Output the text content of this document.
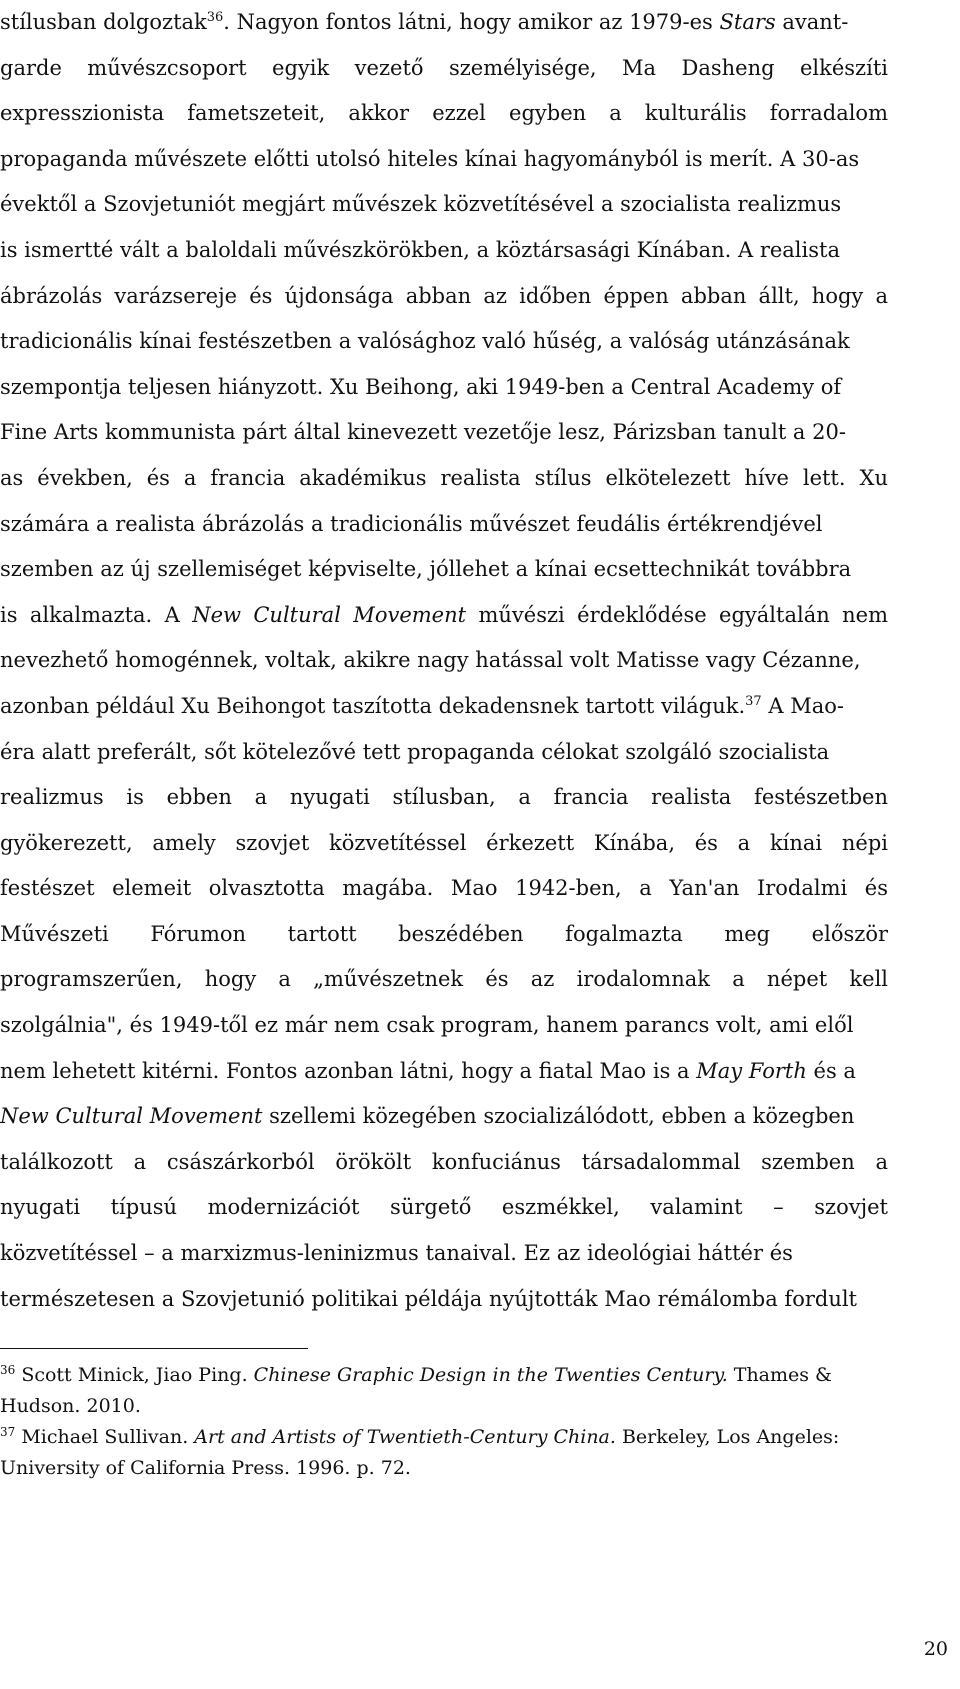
stílusban dolgoztak$^{36}$. Nagyon fontos látni, hogy amikor az 1979-es Stars avant-
garde művészcsoport egyik vezető személyisége, Ma Dasheng elkészíti
expresszionista fametszeteit, akkor ezzel egyben a kulturális forradalom
propaganda művészete előtti utolsó hiteles kínai hagyományból is merít. A 30-as
évektől a Szovjetuniót megjárt művészek közvetítésével a szocialista realizmus
is ismertté vált a baloldali művészkörökben, a köztársasági Kínában. A realista
ábrázolás varázsereje és újdonsága abban az időben éppen abban állt, hogy a
tradicionális kínai festészetben a valósághoz való hűség, a valóság utánzásának
szempontja teljesen hiányzott. Xu Beihong, aki 1949-ben a Central Academy of
Fine Arts kommunista párt által kinevezett vezetője lesz, Párizsban tanult a 20-
as években, és a francia akadémikus realista stílus elkötelezett híve lett. Xu
számára a realista ábrázolás a tradicionális művészet feudális értékrendjével
szemben az új szellemiséget képviselte, jóllehet a kínai ecsettechnikát továbbra
is alkalmazta. A New Cultural Movement művészi érdeklődése egyáltalán nem
nevezhető homogénnek, voltak, akikre nagy hatással volt Matisse vagy Cézanne,
azonban például Xu Beihongot taszította dekadensnek tartott világuk.$^{37}$ A Mao-
éra alatt preferált, sőt kötelezővé tett propaganda célokat szolgáló szocialista
realizmus is ebben a nyugati stílusban, a francia realista festészetben
gyökerezett, amely szovjet közvetítéssel érkezett Kínába, és a kínai népi
festészet elemeit olvasztotta magába. Mao 1942-ben, a Yan'an Irodalmi és
Művészeti Fórumon tartott beszédében fogalmazta meg először
programszerűen, hogy a „művészetnek és az irodalomnak a népet kell
szolgálnia", és 1949-től ez már nem csak program, hanem parancs volt, ami elől
nem lehetett kitérni. Fontos azonban látni, hogy a fiatal Mao is a May Forth és a
New Cultural Movement szellemi közegében szocializálódott, ebben a közegben
találkozott a császárkorból örökölt konfuciánus társadalommal szemben a
nyugati típusú modernizációt sürgető eszmékkel, valamint – szovjet
közvetítéssel – a marxizmus-leninizmus tanaival. Ez az ideológiai háttér és
természetesen a Szovjetunió politikai példája nyújtották Mao rémálomba fordult

$^{36}$ Scott Minick, Jiao Ping. Chinese Graphic Design in the Twenties Century. Thames & Hudson. 2010.

$^{37}$ Michael Sullivan. Art and Artists of Twentieth-Century China. Berkeley, Los Angeles: University of California Press. 1996. p. 72.

20
